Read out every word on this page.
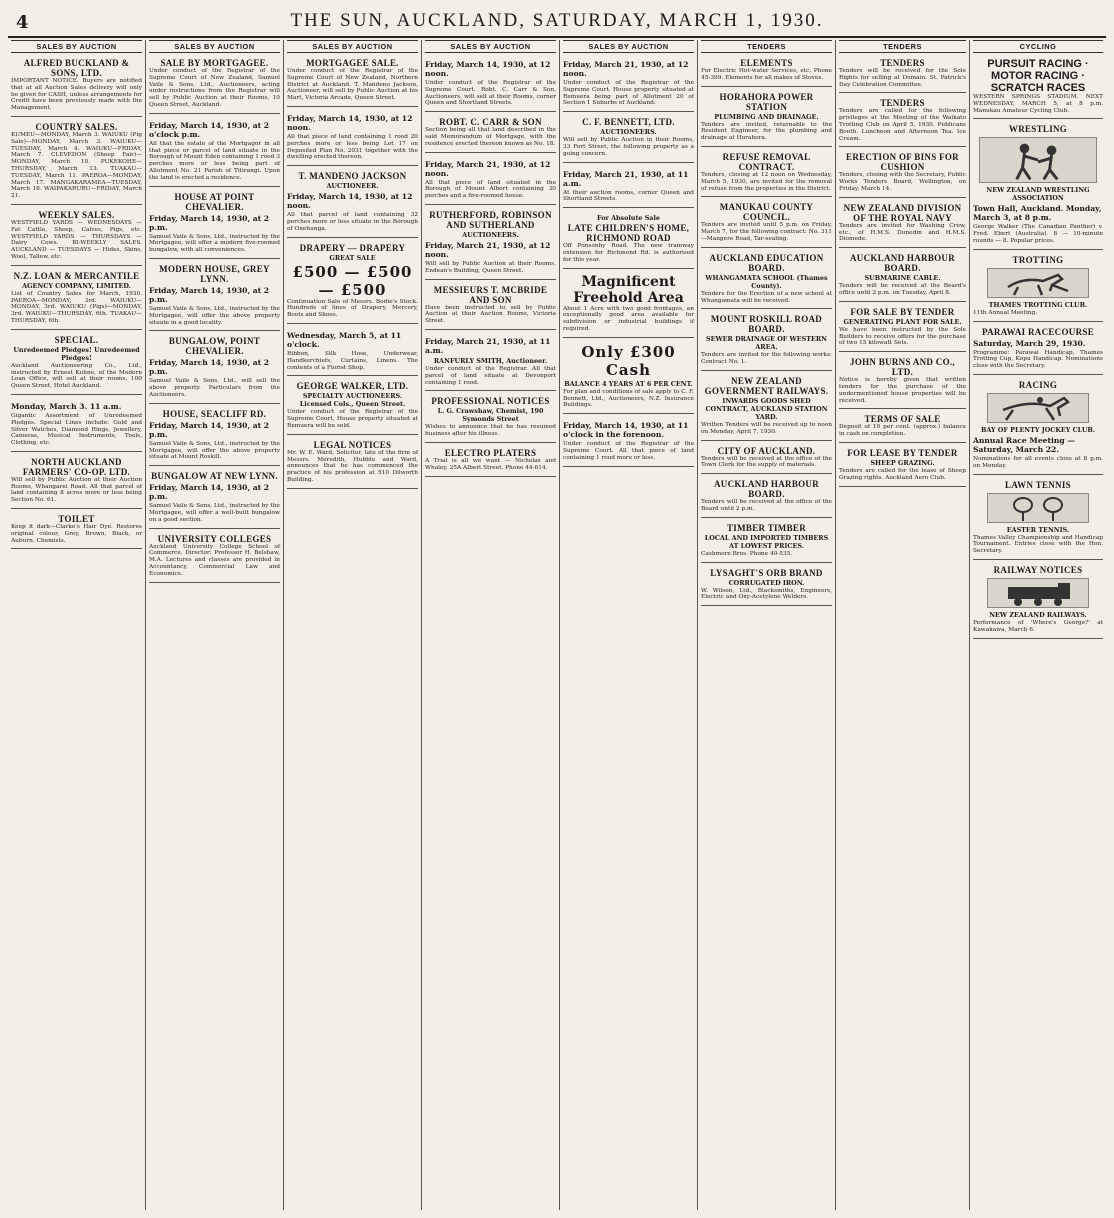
4	THE SUN, AUCKLAND, SATURDAY, MARCH 1, 1930.
SALES BY AUCTION
ALFRED BUCKLAND & SONS, LTD.
IMPORTANT NOTICE. Buyers are notified that at all Auction Sales delivery will only be given for CASH, unless arrangements for Credit have been previously made with the Management.
COUNTRY SALES.
KUMEU—MONDAY, March 3. WAIUKU (Pig Sale)—MONDAY, March 3. WAIUKU—TUESDAY, March 4. WAIUKU—FRIDAY, March 7. CLEVEDON (Sheep Fair)—MONDAY, March 10. PUKEKOHE—THURSDAY, March 13. TUAKAU—TUESDAY, March 11. PAEROA—MONDAY, March 17. MANGAKARAMEA—TUESDAY, March 18. WAIPAKARURU—FRIDAY, March 21.
WEEKLY SALES.
WESTFIELD YARDS — WEDNESDAYS — Fat Cattle, Sheep, Calves, Pigs, etc. WESTFIELD YARDS — THURSDAYS — Dairy Cows. BI-WEEKLY SALES. AUCKLAND — TUESDAYS — Hides, Skins, Wool, Tallow, etc.
N.Z. LOAN & MERCANTILE
AGENCY COMPANY, LIMITED.
List of Country Sales for March, 1930. PAEROA—MONDAY, 3rd. WAIUKU—MONDAY, 3rd. WAIUKU (Pigs)—MONDAY, 3rd. WAIUKU—THURSDAY, 6th. TUAKAU—THURSDAY, 6th.
SPECIAL.
Unredeemed Pledges! Unredeemed Pledges!
Auckland Auctioneering Co., Ltd., instructed by Ernest Kuhne, of the Modern Loan Office, will sell at their rooms, 100 Queen Street, Hotel Auckland.
Monday, March 3. 11 a.m.
Gigantic Assortment of Unredeemed Pledges. Special Lines include: Gold and Silver Watches, Diamond Rings, Jewellery, Cameras, Musical Instruments, Tools, Clothing, etc.
NORTH AUCKLAND FARMERS' CO-OP. LTD.
Will sell by Public Auction at their Auction Rooms, Whangarei Road. All that parcel of land containing 8 acres more or less being Section No. 61.
TOILET
Keep it dark—Clarke's Hair Dye. Restores original colour, Grey, Brown, Black, or Auburn. Chemists.
SALES BY AUCTION
SALE BY MORTGAGEE.
Under conduct of the Registrar of the Supreme Court of New Zealand, Samuel Vaile & Sons, Ltd., Auctioneers, acting under instructions from the Registrar will sell by Public Auction at their Rooms, 10 Queen Street, Auckland.
Friday, March 14, 1930, at 2 o'clock p.m.
All that the estate of the Mortgagor in all that piece or parcel of land situate in the Borough of Mount Eden containing 1 rood 3 perches more or less being part of Allotment No. 21 Parish of Titirangi. Upon the land is erected a residence.
HOUSE AT POINT CHEVALIER.
Friday, March 14, 1930, at 2 p.m.
Samuel Vaile & Sons, Ltd., instructed by the Mortgagee, will offer a modern five-roomed bungalow, with all conveniences.
MODERN HOUSE, GREY LYNN.
Friday, March 14, 1930, at 2 p.m.
Samuel Vaile & Sons, Ltd., instructed by the Mortgagee, will offer the above property situate in a good locality.
BUNGALOW, POINT CHEVALIER.
Friday, March 14, 1930, at 2 p.m.
Samuel Vaile & Sons, Ltd., will sell the above property. Particulars from the Auctioneers.
HOUSE, SEACLIFF RD.
Friday, March 14, 1930, at 2 p.m.
Samuel Vaile & Sons, Ltd., instructed by the Mortgagee, will offer the above property situate at Mount Roskill.
BUNGALOW AT NEW LYNN.
Friday, March 14, 1930, at 2 p.m.
Samuel Vaile & Sons, Ltd., instructed by the Mortgagee, will offer a well-built bungalow on a good section.
UNIVERSITY COLLEGES
Auckland University College School of Commerce. Director: Professor H. Belshaw, M.A. Lectures and classes are provided in Accountancy, Commercial Law and Economics.
SALES BY AUCTION
MORTGAGEE SALE.
Under conduct of the Registrar of the Supreme Court of New Zealand, Northern District at Auckland. T. Mandeno Jackson, Auctioneer, will sell by Public Auction at his Mart, Victoria Arcade, Queen Street.
Friday, March 14, 1930, at 12 noon.
All that piece of land containing 1 rood 20 perches more or less being Lot 17 on Deposited Plan No. 2031 together with the dwelling erected thereon.
T. MANDENO JACKSON
AUCTIONEER.
Friday, March 14, 1930, at 12 noon.
All that parcel of land containing 32 perches more or less situate in the Borough of Onehunga.
DRAPERY — DRAPERY
GREAT SALE
£500 — £500 — £500
Continuation Sale of Messrs. Bodie's Stock. Hundreds of lines of Drapery, Mercery, Boots and Shoes.
Wednesday, March 5, at 11 o'clock.
Ribbon, Silk Hose, Underwear, Handkerchiefs, Curtains, Linens. The contents of a Florist Shop.
GEORGE WALKER, LTD.
SPECIALTY AUCTIONEERS. Licensed Cols., Queen Street.
Under conduct of the Registrar of the Supreme Court, House property situated at Remuera will be sold.
LEGAL NOTICES
Mr. W. E. Ward, Solicitor, late of the firm of Messrs. Meredith, Hubble and Ward, announces that he has commenced the practice of his profession at 510 Dilworth Building.
SALES BY AUCTION
Friday, March 14, 1930, at 12 noon.
Under conduct of the Registrar of the Supreme Court. Robt. C. Carr & Son, Auctioneers, will sell at their Rooms, corner Queen and Shortland Streets.
ROBT. C. CARR & SON
Section being all that land described in the said Memorandum of Mortgage, with the residence erected thereon known as No. 18.
Friday, March 21, 1930, at 12 noon.
All that piece of land situated in the Borough of Mount Albert containing 30 perches and a five-roomed house.
RUTHERFORD, ROBINSON AND SUTHERLAND
AUCTIONEERS.
Friday, March 21, 1930, at 12 noon.
Will sell by Public Auction at their Rooms, Endean's Building, Queen Street.
MESSIEURS T. MCBRIDE AND SON
Have been instructed to sell by Public Auction at their Auction Rooms, Victoria Street.
Friday, March 21, 1930, at 11 a.m.
RANFURLY SMITH, Auctioneer.
Under conduct of the Registrar. All that parcel of land situate at Devonport containing 1 rood.
PROFESSIONAL NOTICES
L. G. Crawshaw, Chemist, 190 Symonds Street
Wishes to announce that he has resumed business after his illness.
ELECTRO PLATERS
A Trial is all we want — Nicholas and Whaley, 25A Albert Street. Phone 44-614.
SALES BY AUCTION
Friday, March 21, 1930, at 12 noon.
Under conduct of the Registrar of the Supreme Court. House property situated at Remuera being part of Allotment 20 of Section 1 Suburbs of Auckland.
C. F. BENNETT, LTD.
AUCTIONEERS.
Will sell by Public Auction in their Rooms, 33 Fort Street, the following property as a going concern.
Friday, March 21, 1930, at 11 a.m.
At their auction rooms, corner Queen and Shortland Streets.
For Absolute Sale
LATE CHILDREN'S HOME, RICHMOND ROAD
Off Ponsonby Road. The new tramway extension for Richmond Rd. is authorised for this year.
Magnificent Freehold Area
About 1 Acre with two good frontages, an exceptionally good area available for subdivision or industrial buildings if required.
Only £300 Cash
BALANCE 4 YEARS AT 6 PER CENT.
For plan and conditions of sale apply to C. F. Bennett, Ltd., Auctioneers, N.Z. Insurance Buildings.
Friday, March 14, 1930, at 11 o'clock in the forenoon.
Under conduct of the Registrar of the Supreme Court. All that piece of land containing 1 rood more or less.
TENDERS
ELEMENTS
For Electric Hot-water Services, etc. Phone 45-399. Elements for all makes of Stoves.
HORAHORA POWER STATION
PLUMBING AND DRAINAGE.
Tenders are invited, returnable to the Resident Engineer, for the plumbing and drainage at Horahora.
REFUSE REMOVAL CONTRACT.
Tenders, closing at 12 noon on Wednesday, March 5, 1930, are invited for the removal of refuse from the properties in the District.
MANUKAU COUNTY COUNCIL.
Tenders are invited until 5 p.m. on Friday, March 7, for the following contract: No. 311—Mangere Road, Tar-sealing.
AUCKLAND EDUCATION BOARD.
WHANGAMATA SCHOOL (Thames County).
Tenders for the Erection of a new school at Whangamata will be received.
MOUNT ROSKILL ROAD BOARD.
SEWER DRAINAGE OF WESTERN AREA.
Tenders are invited for the following works: Contract No. 1.
NEW ZEALAND GOVERNMENT RAILWAYS.
INWARDS GOODS SHED CONTRACT, AUCKLAND STATION YARD.
Written Tenders will be received up to noon on Monday, April 7, 1930.
CITY OF AUCKLAND.
Tenders will be received at the office of the Town Clerk for the supply of materials.
AUCKLAND HARBOUR BOARD.
Tenders will be received at the office of the Board until 2 p.m.
TIMBER TIMBER
LOCAL AND IMPORTED TIMBERS AT LOWEST PRICES.
Cashmore Bros. Phone 40-535.
LYSAGHT'S ORB BRAND
CORRUGATED IRON.
W. Wilson, Ltd., Blacksmiths, Engineers, Electric and Oxy-Acetylene Welders.
TENDERS
TENDERS
Tenders will be received for the Sole Rights for selling at Domain. St. Patrick's Day Celebration Committee.
TENDERS
Tenders are called for the following privileges at the Meeting of the Waikato Trotting Club on April 5, 1930. Publicans Booth. Luncheon and Afternoon Tea. Ice Cream.
ERECTION OF BINS FOR CUSHION
Tenders, closing with the Secretary, Public Works Tenders Board, Wellington, on Friday, March 14.
NEW ZEALAND DIVISION OF THE ROYAL NAVY
Tenders are invited for Washing Crew, etc., of H.M.S. Dunedin and H.M.S. Diomede.
AUCKLAND HARBOUR BOARD.
SUBMARINE CABLE.
Tenders will be received at the Board's office until 2 p.m. on Tuesday, April 8.
FOR SALE BY TENDER
GENERATING PLANT FOR SALE.
We have been instructed by the Sole Builders to receive offers for the purchase of two 15 kilowatt Sets.
JOHN BURNS AND CO., LTD.
Notice is hereby given that written tenders for the purchase of the undermentioned house properties will be received.
TERMS OF SALE
Deposit of 10 per cent. (approx.) balance in cash on completion.
FOR LEASE BY TENDER
SHEEP GRAZING.
Tenders are called for the lease of Sheep Grazing rights. Auckland Aero Club.
CYCLING
PURSUIT RACING · MOTOR RACING · SCRATCH RACES
WESTERN SPRINGS STADIUM. NEXT WEDNESDAY, MARCH 5, at 8 p.m. Manukau Amateur Cycling Club.
WRESTLING
NEW ZEALAND WRESTLING ASSOCIATION
Town Hall, Auckland. Monday, March 3, at 8 p.m.
George Walker (The Canadian Panther) v. Fred. Ebert (Australia). 8 — 10-minute rounds — 8. Popular prices.
TROTTING
THAMES TROTTING CLUB.
11th Annual Meeting.
PARAWAI RACECOURSE
Saturday, March 29, 1930.
Programme: Parawai Handicap, Thames Trotting Cup, Kopu Handicap. Nominations close with the Secretary.
RACING
BAY OF PLENTY JOCKEY CLUB.
Annual Race Meeting — Saturday, March 22.
Nominations for all events close at 8 p.m. on Monday.
LAWN TENNIS
EASTER TENNIS.
Thames Valley Championship and Handicap Tournament. Entries close with the Hon. Secretary.
RAILWAY NOTICES
NEW ZEALAND RAILWAYS.
Performance of 'Where's George?' at Kawakawa, March 6.
